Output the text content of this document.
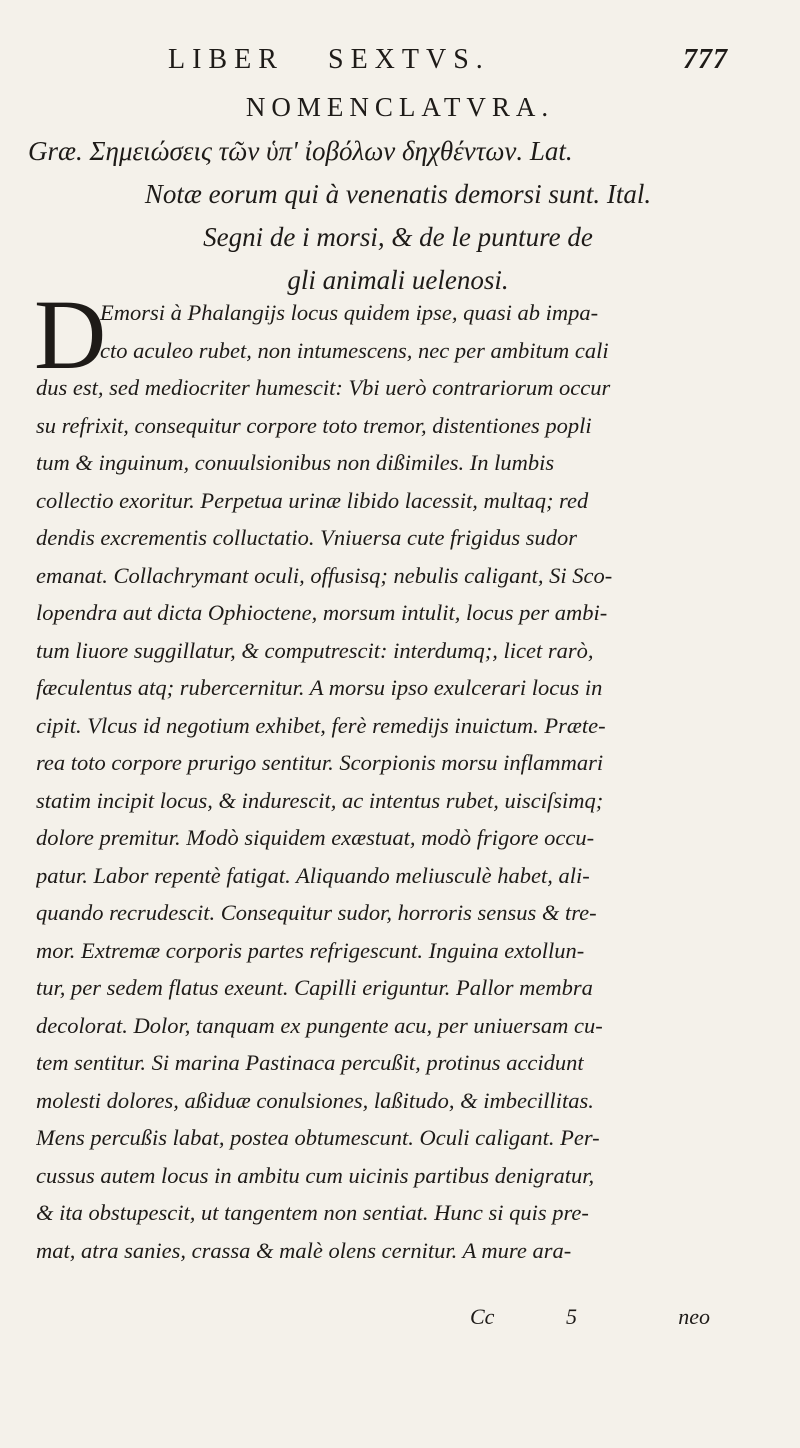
LIBER SEXTVS.	777
NOMENCLATVRA.
Græ. Σημειώσεις τῶν ὑπ' ἰοβόλων δηχθέντων. Lat.
Notæ eorum qui à venenatis demorsi sunt. Ital.
Segni de i morsi, & de le punture de
gli animali uelenosi.
D
Emorsi à Phalangijs locus quidem ipse, quasi ab impa-
cto aculeo rubet, non intumescens, nec per ambitum cali
dus est, sed mediocriter humescit: Vbi uerò contrariorum occur
su refrixit, consequitur corpore toto tremor, distentiones popli
tum & inguinum, conuulsionibus non dißimiles. In lumbis
collectio exoritur. Perpetua urinæ libido lacessit, multaq; red
dendis excrementis colluctatio. Vniuersa cute frigidus sudor
emanat. Collachrymant oculi, offusisq; nebulis caligant, Si Sco-
lopendra aut dicta Ophioctene, morsum intulit, locus per ambi-
tum liuore suggillatur, & computrescit: interdumq;, licet rarò,
fæculentus atq; rubercernitur. A morsu ipso exulcerari locus in
cipit. Vlcus id negotium exhibet, ferè remedijs inuictum. Præte-
rea toto corpore prurigo sentitur. Scorpionis morsu inflammari
statim incipit locus, & indurescit, ac intentus rubet, uisciſsimq;
dolore premitur. Modò siquidem exæstuat, modò frigore occu-
patur. Labor repentè fatigat. Aliquando meliusculè habet, ali-
quando recrudescit. Consequitur sudor, horroris sensus & tre-
mor. Extremæ corporis partes refrigescunt. Inguina extollun-
tur, per sedem flatus exeunt. Capilli eriguntur. Pallor membra
decolorat. Dolor, tanquam ex pungente acu, per uniuersam cu-
tem sentitur. Si marina Pastinaca percußit, protinus accidunt
molesti dolores, aßiduæ conulsiones, laßitudo, & imbecillitas.
Mens percußis labat, postea obtumescunt. Oculi caligant. Per-
cussus autem locus in ambitu cum uicinis partibus denigratur,
& ita obstupescit, ut tangentem non sentiat. Hunc si quis pre-
mat, atra sanies, crassa & malè olens cernitur. A mure ara-
Cc	5	neo
